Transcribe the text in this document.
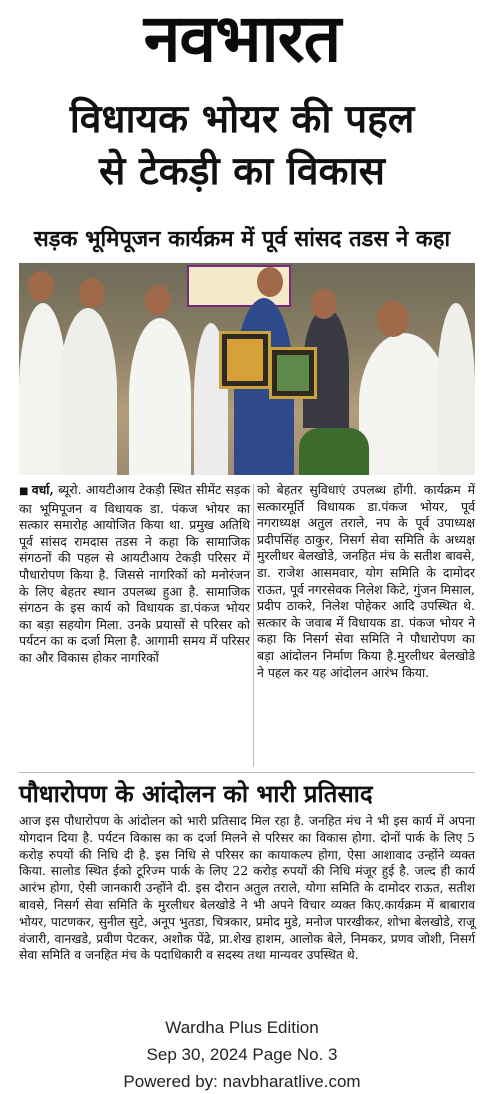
नवभारत
विधायक भोयर की पहल
से टेकड़ी का विकास
सड़क भूमिपूजन कार्यक्रम में पूर्व सांसद तडस ने कहा
■ वर्धा, ब्यूरो. आयटीआय टेकड़ी स्थित सीमेंट सड़क का भूमिपूजन व विधायक डा. पंकज भोयर का सत्कार समारोह आयोजित किया था. प्रमुख अतिथि पूर्व सांसद रामदास तडस ने कहा कि सामाजिक संगठनों की पहल से आयटीआय टेकड़ी परिसर में पौधारोपण किया है. जिससे नागरिकों को मनोरंजन के लिए बेहतर स्थान उपलब्ध हुआ है. सामाजिक संगठन के इस कार्य को विधायक डा.पंकज भोयर का बड़ा सहयोग मिला. उनके प्रयासों से परिसर को पर्यटन का क दर्जा मिला है. आगामी समय में परिसर का और विकास होकर नागरिकों
को बेहतर सुविधाएं उपलब्ध होंगी. कार्यक्रम में सत्कारमूर्ति विधायक डा.पंकज भोयर, पूर्व नगराध्यक्ष अतुल तराले, नप के पूर्व उपाध्यक्ष प्रदीपसिंह ठाकुर, निसर्ग सेवा समिति के अध्यक्ष मुरलीधर बेलखोडे, जनहित मंच के सतीश बावसे, डा. राजेश आसमवार, योग समिति के दामोदर राऊत, पूर्व नगरसेवक निलेश किटे, गुंजन मिसाल, प्रदीप ठाकरे, निलेश पोहेकर आदि उपस्थित थे. सत्कार के जवाब में विधायक डा. पंकज भोयर ने कहा कि निसर्ग सेवा समिति ने पौधारोपण का बड़ा आंदोलन निर्माण किया है.मुरलीधर बेलखोडे ने पहल कर यह आंदोलन आरंभ किया.
पौधारोपण के आंदोलन को भारी प्रतिसाद
आज इस पौधारोपण के आंदोलन को भारी प्रतिसाद मिल रहा है. जनहित मंच ने भी इस कार्य में अपना योगदान दिया है. पर्यटन विकास का क दर्जा मिलने से परिसर का विकास होगा. दोनों पार्क के लिए 5 करोड़ रुपयों की निधि दी है. इस निधि से परिसर का कायाकल्प होगा, ऐसा आशावाद उन्होंने व्यक्त किया. सालोड स्थित ईको टूरिज्म पार्क के लिए 22 करोड़ रुपयों की निधि मंजूर हुई है. जल्द ही कार्य आरंभ होगा, ऐसी जानकारी उन्होंने दी. इस दौरान अतुल तराले, योगा समिति के दामोदर राऊत, सतीश बावसे, निसर्ग सेवा समिति के मुरलीधर बेलखोडे ने भी अपने विचार व्यक्त किए.कार्यक्रम में बाबाराव भोयर, पाटणकर, सुनील सुटे, अनूप भुतडा, चित्रकार, प्रमोद मुडे, मनोज पारखीकर, शोभा बेलखोडे, राजू वंजारी, वानखडे, प्रवीण पेटकर, अशोक पेंढे, प्रा.शेख हाशम, आलोक बेले, निमकर, प्रणव जोशी, निसर्ग सेवा समिति व जनहित मंच के पदाधिकारी व सदस्य तथा मान्यवर उपस्थित थे.
Wardha Plus Edition
Sep 30, 2024 Page No. 3
Powered by: navbharatlive.com
